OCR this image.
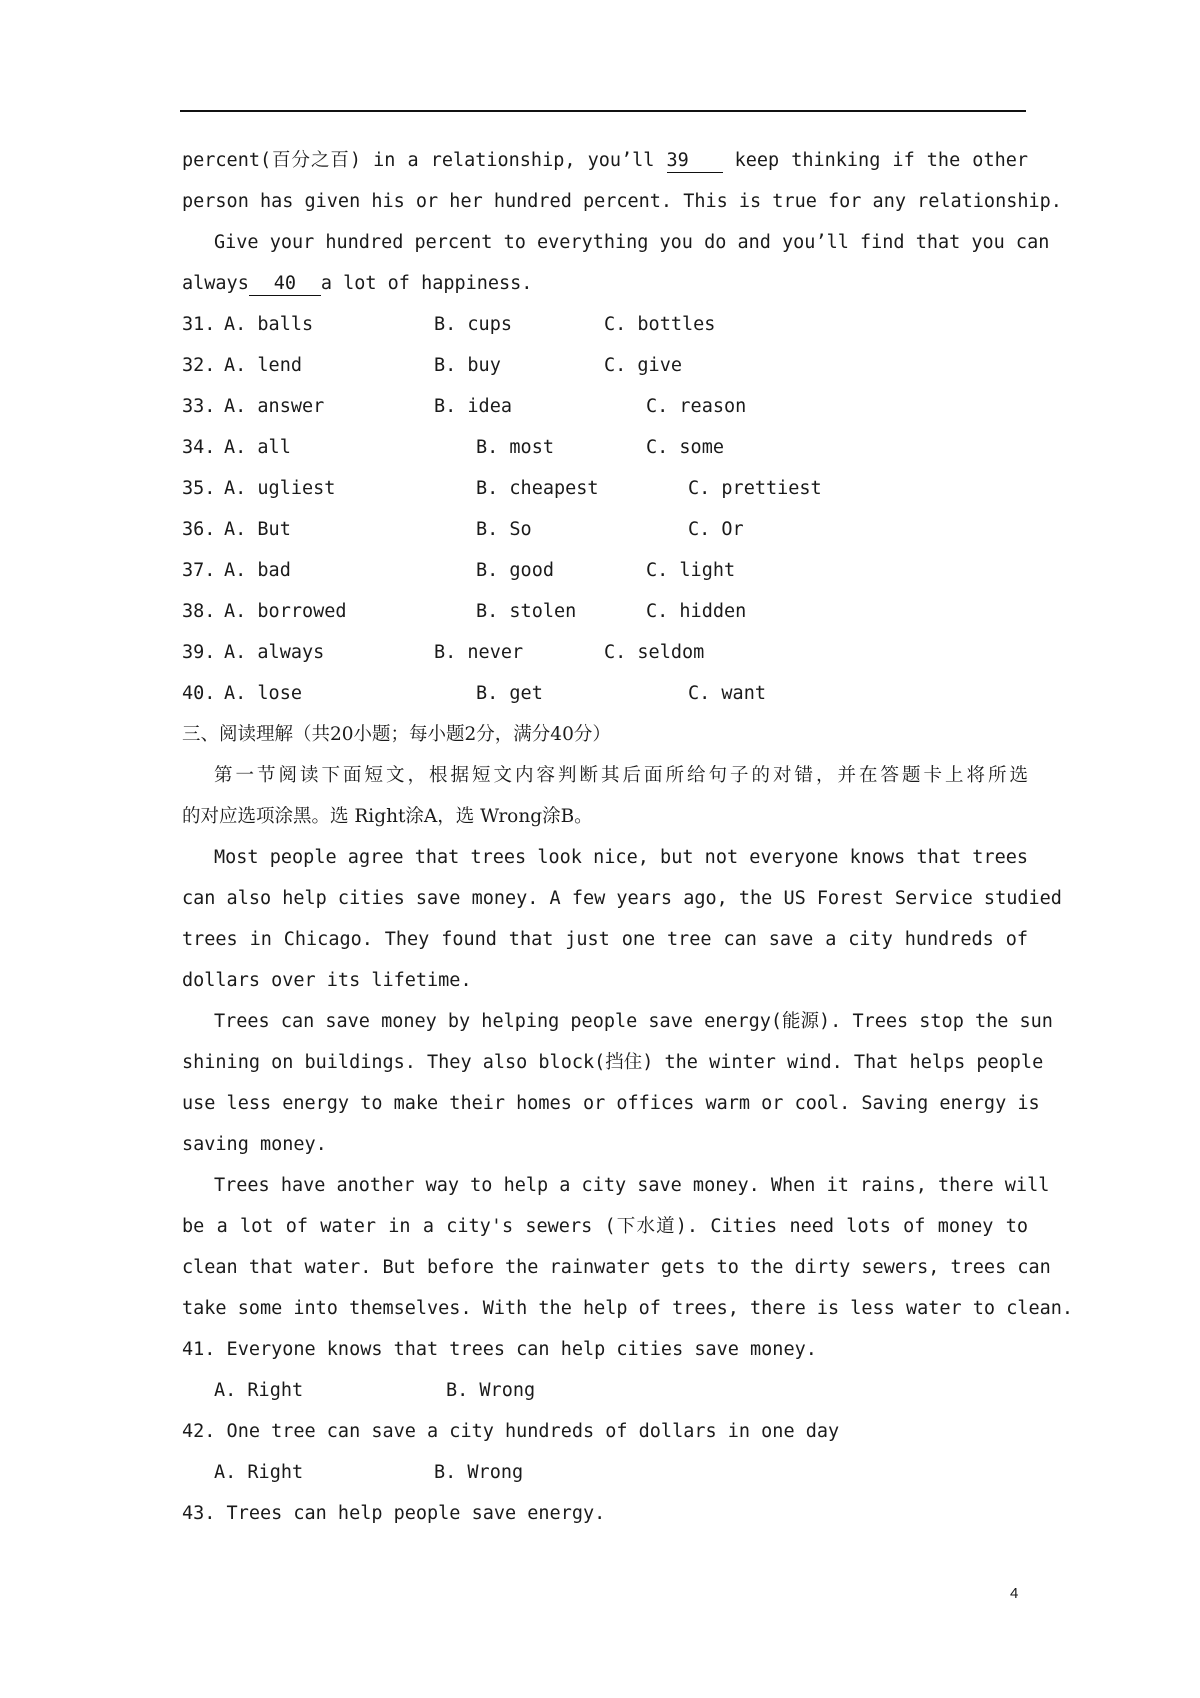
percent(百分之百) in a relationship, you’ll 39 keep thinking if the other
person has given his or her hundred percent. This is true for any relationship.
Give your hundred percent to everything you do and you’ll find that you can
always 40 a lot of happiness.
31. A. balls	B. cups	C. bottles
32. A. lend	B. buy	C. give
33. A. answer	B. idea	C. reason
34. A. all	B. most	C. some
35. A. ugliest	B. cheapest	C. prettiest
36. A. But	B. So	C. Or
37. A. bad	B. good	C. light
38. A. borrowed	B. stolen	C. hidden
39. A. always	B. never	C. seldom
40. A. lose	B. get	C. want
三、阅读理解（共20小题；每小题2分，满分40分）
第一节阅读下面短文，根据短文内容判断其后面所给句子的对错，并在答题卡上将所选
的对应选项涂黑。选 Right涂A，选 Wrong涂B。
Most people agree that trees look nice, but not everyone knows that trees
can also help cities save money. A few years ago, the US Forest Service studied
trees in Chicago. They found that just one tree can save a city hundreds of
dollars over its lifetime.
Trees can save money by helping people save energy(能源). Trees stop the sun
shining on buildings. They also block(挡住) the winter wind. That helps people
use less energy to make their homes or offices warm or cool. Saving energy is
saving money.
Trees have another way to help a city save money. When it rains, there will
be a lot of water in a city's sewers (下水道). Cities need lots of money to
clean that water. But before the rainwater gets to the dirty sewers, trees can
take some into themselves. With the help of trees, there is less water to clean.
41. Everyone knows that trees can help cities save money.
A. Right	B. Wrong
42. One tree can save a city hundreds of dollars in one day
A. Right	B. Wrong
43. Trees can help people save energy.
4
